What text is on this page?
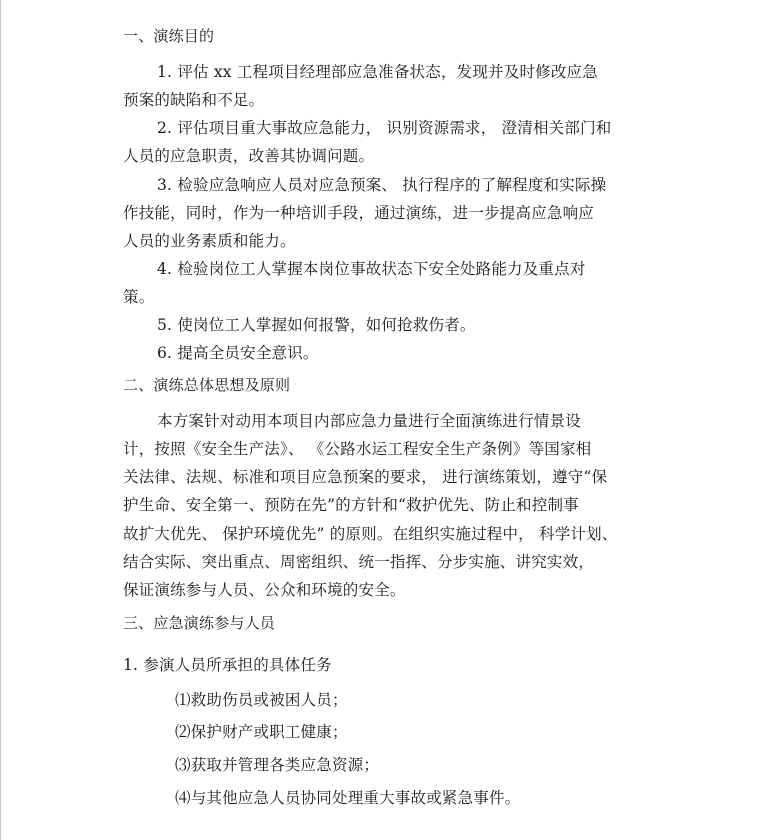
一、演练目的
1. 评估 xx 工程项目经理部应急准备状态，发现并及时修改应急
预案的缺陷和不足。
2. 评估项目重大事故应急能力， 识别资源需求， 澄清相关部门和
人员的应急职责，改善其协调问题。
3. 检验应急响应人员对应急预案、 执行程序的了解程度和实际操
作技能，同时，作为一种培训手段，通过演练，进一步提高应急响应
人员的业务素质和能力。
4. 检验岗位工人掌握本岗位事故状态下安全处路能力及重点对
策。
5. 使岗位工人掌握如何报警，如何抢救伤者。
6. 提高全员安全意识。
二、演练总体思想及原则
本方案针对动用本项目内部应急力量进行全面演练进行情景设
计，按照《安全生产法》、 《公路水运工程安全生产条例》等国家相
关法律、法规、标准和项目应急预案的要求， 进行演练策划，遵守“保
护生命、安全第一、预防在先”的方针和“救护优先、防止和控制事
故扩大优先、 保护环境优先” 的原则。在组织实施过程中， 科学计划、
结合实际、突出重点、周密组织、统一指挥、分步实施、讲究实效，
保证演练参与人员、公众和环境的安全。
三、应急演练参与人员
1. 参演人员所承担的具体任务
⑴救助伤员或被困人员；
⑵保护财产或职工健康；
⑶获取并管理各类应急资源；
⑷与其他应急人员协同处理重大事故或紧急事件。
